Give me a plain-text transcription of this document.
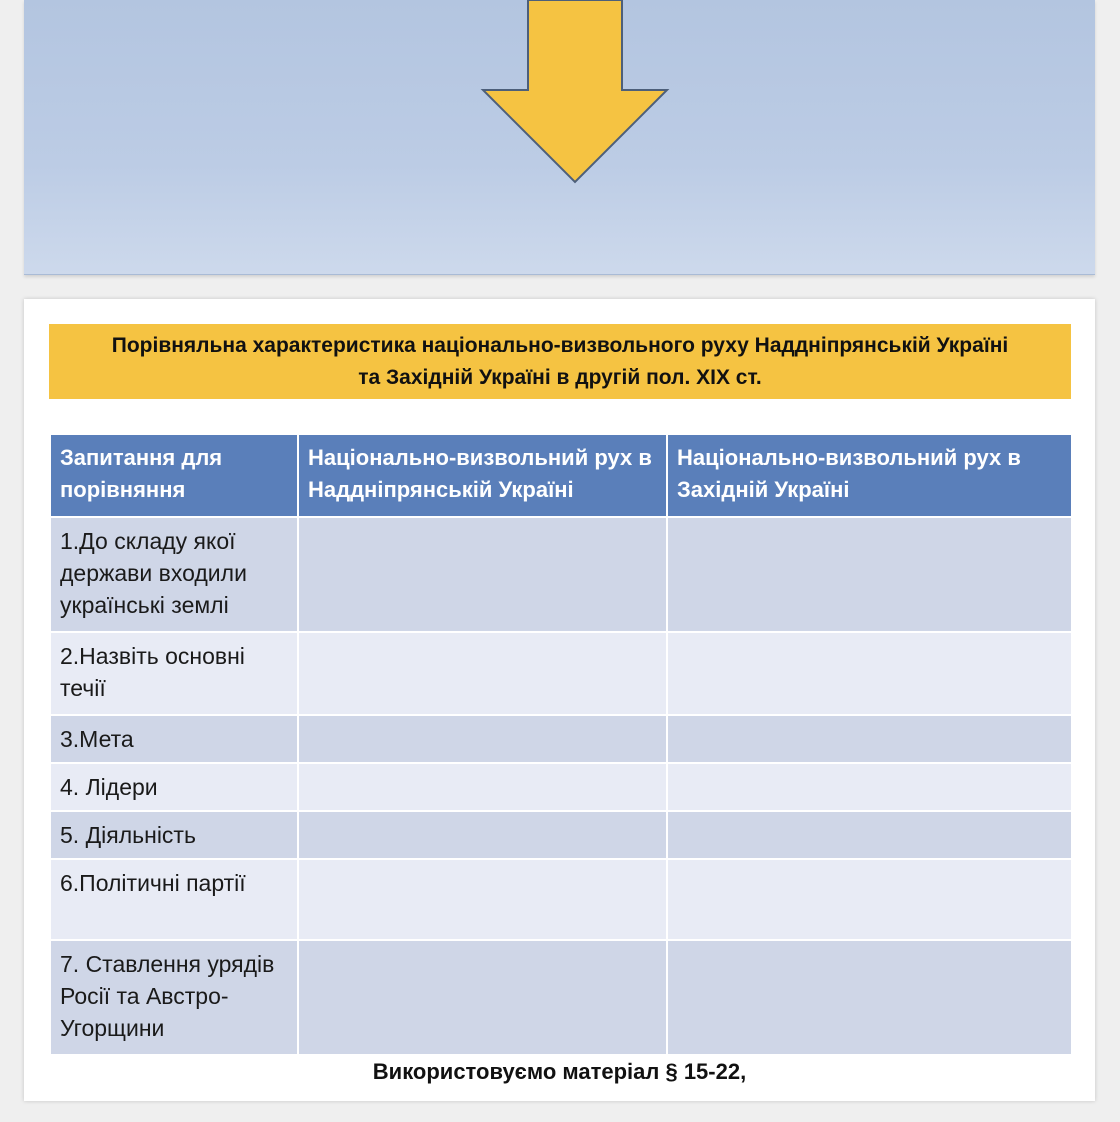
Порівняльна характеристика національно-визвольного руху Наддніпрянській Україні
та Західній Україні в другій пол. ХІХ ст.
Запитання для порівняння	Національно-визвольний рух в Наддніпрянській Україні	Національно-визвольний рух в Західній Україні
1.До складу якої держави входили українські землі		
2.Назвіть основні течії		
3.Мета		
4. Лідери		
5. Діяльність		
6.Політичні партії		
7. Ставлення урядів Росії та Австро-Угорщини		
Використовуємо матеріал § 15-22,
